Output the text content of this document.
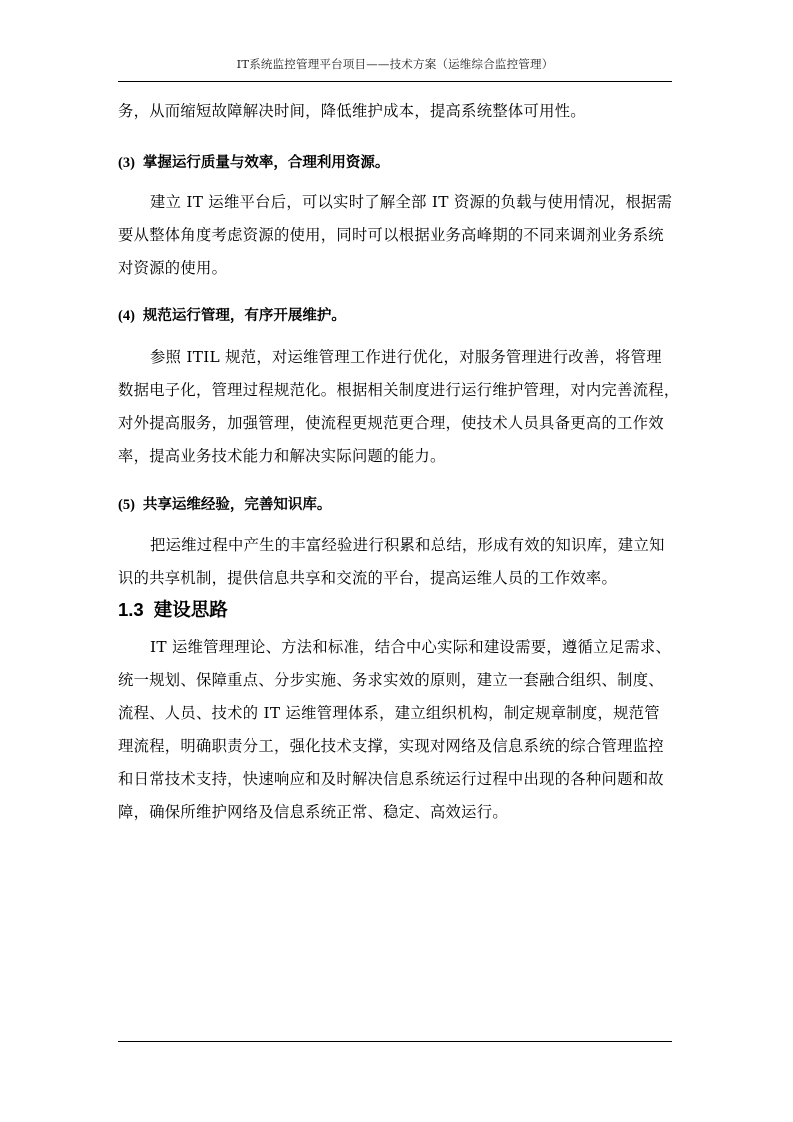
IT系统监控管理平台项目——技术方案（运维综合监控管理）
务，从而缩短故障解决时间，降低维护成本，提高系统整体可用性。
(3) 掌握运行质量与效率，合理利用资源。
建立 IT 运维平台后，可以实时了解全部 IT 资源的负载与使用情况，根据需
要从整体角度考虑资源的使用，同时可以根据业务高峰期的不同来调剂业务系统
对资源的使用。
(4) 规范运行管理，有序开展维护。
参照 ITIL 规范，对运维管理工作进行优化，对服务管理进行改善，将管理
数据电子化，管理过程规范化。根据相关制度进行运行维护管理，对内完善流程，
对外提高服务，加强管理，使流程更规范更合理，使技术人员具备更高的工作效
率，提高业务技术能力和解决实际问题的能力。
(5) 共享运维经验，完善知识库。
把运维过程中产生的丰富经验进行积累和总结，形成有效的知识库，建立知
识的共享机制，提供信息共享和交流的平台，提高运维人员的工作效率。
1.3 建设思路
IT 运维管理理论、方法和标准，结合中心实际和建设需要，遵循立足需求、
统一规划、保障重点、分步实施、务求实效的原则，建立一套融合组织、制度、
流程、人员、技术的 IT 运维管理体系，建立组织机构，制定规章制度，规范管
理流程，明确职责分工，强化技术支撑，实现对网络及信息系统的综合管理监控
和日常技术支持，快速响应和及时解决信息系统运行过程中出现的各种问题和故
障，确保所维护网络及信息系统正常、稳定、高效运行。
